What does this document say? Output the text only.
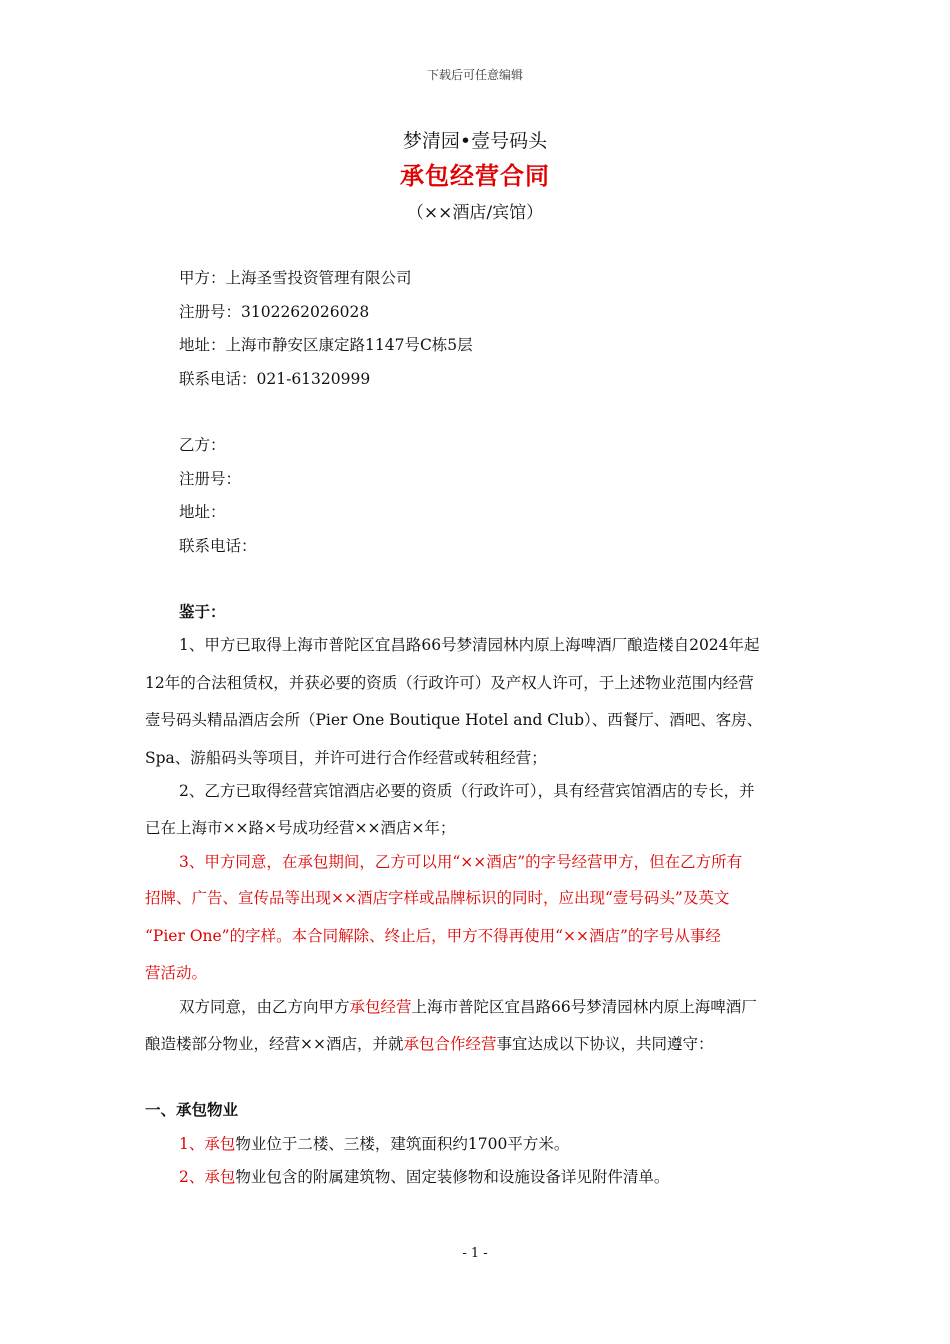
下载后可任意编辑
梦清园•壹号码头
承包经营合同
（××酒店/宾馆）
甲方：上海圣雪投资管理有限公司
注册号：3102262026028
地址：上海市静安区康定路1147号C栋5层
联系电话：021-61320999
乙方：
注册号：
地址：
联系电话：
鉴于：
1、甲方已取得上海市普陀区宜昌路66号梦清园林内原上海啤酒厂酿造楼自2024年起
12年的合法租赁权，并获必要的资质（行政许可）及产权人许可，于上述物业范围内经营
壹号码头精品酒店会所（Pier One Boutique Hotel and Club）、西餐厅、酒吧、客房、
Spa、游船码头等项目，并许可进行合作经营或转租经营；
2、乙方已取得经营宾馆酒店必要的资质（行政许可），具有经营宾馆酒店的专长，并
已在上海市××路×号成功经营××酒店×年；
3、甲方同意，在承包期间，乙方可以用“××酒店”的字号经营甲方，但在乙方所有
招牌、广告、宣传品等出现××酒店字样或品牌标识的同时，应出现“壹号码头”及英文
“Pier One”的字样。本合同解除、终止后，甲方不得再使用“××酒店”的字号从事经
营活动。
双方同意，由乙方向甲方承包经营上海市普陀区宜昌路66号梦清园林内原上海啤酒厂
酿造楼部分物业，经营××酒店，并就承包合作经营事宜达成以下协议，共同遵守：
一、承包物业
1、承包物业位于二楼、三楼，建筑面积约1700平方米。
2、承包物业包含的附属建筑物、固定装修物和设施设备详见附件清单。
- 1 -
